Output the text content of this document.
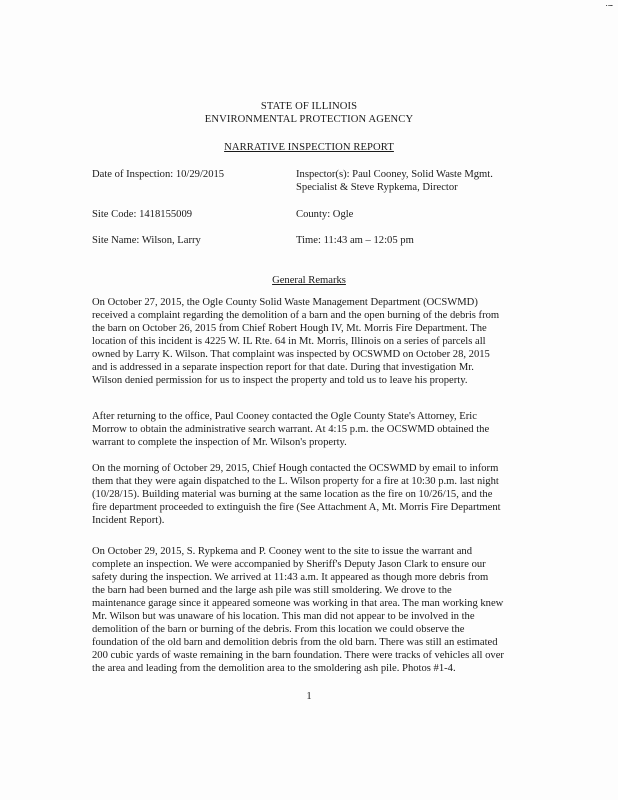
!
STATE OF ILLINOIS
ENVIRONMENTAL PROTECTION AGENCY
NARRATIVE INSPECTION REPORT
Date of Inspection: 10/29/2015	Inspector(s): Paul Cooney, Solid Waste Mgmt.
Specialist & Steve Rypkema, Director
Site Code: 1418155009	County: Ogle
Site Name: Wilson, Larry	Time: 11:43 am – 12:05 pm
General Remarks
On October 27, 2015, the Ogle County Solid Waste Management Department (OCSWMD)
received a complaint regarding the demolition of a barn and the open burning of the debris from
the barn on October 26, 2015 from Chief Robert Hough IV, Mt. Morris Fire Department. The
location of this incident is 4225 W. IL Rte. 64 in Mt. Morris, Illinois on a series of parcels all
owned by Larry K. Wilson. That complaint was inspected by OCSWMD on October 28, 2015
and is addressed in a separate inspection report for that date. During that investigation Mr.
Wilson denied permission for us to inspect the property and told us to leave his property.
After returning to the office, Paul Cooney contacted the Ogle County State's Attorney, Eric
Morrow to obtain the administrative search warrant. At 4:15 p.m. the OCSWMD obtained the
warrant to complete the inspection of Mr. Wilson's property.
On the morning of October 29, 2015, Chief Hough contacted the OCSWMD by email to inform
them that they were again dispatched to the L. Wilson property for a fire at 10:30 p.m. last night
(10/28/15). Building material was burning at the same location as the fire on 10/26/15, and the
fire department proceeded to extinguish the fire (See Attachment A, Mt. Morris Fire Department
Incident Report).
On October 29, 2015, S. Rypkema and P. Cooney went to the site to issue the warrant and
complete an inspection. We were accompanied by Sheriff's Deputy Jason Clark to ensure our
safety during the inspection. We arrived at 11:43 a.m. It appeared as though more debris from
the barn had been burned and the large ash pile was still smoldering. We drove to the
maintenance garage since it appeared someone was working in that area. The man working knew
Mr. Wilson but was unaware of his location. This man did not appear to be involved in the
demolition of the barn or burning of the debris. From this location we could observe the
foundation of the old barn and demolition debris from the old barn. There was still an estimated
200 cubic yards of waste remaining in the barn foundation. There were tracks of vehicles all over
the area and leading from the demolition area to the smoldering ash pile. Photos #1-4.
1
